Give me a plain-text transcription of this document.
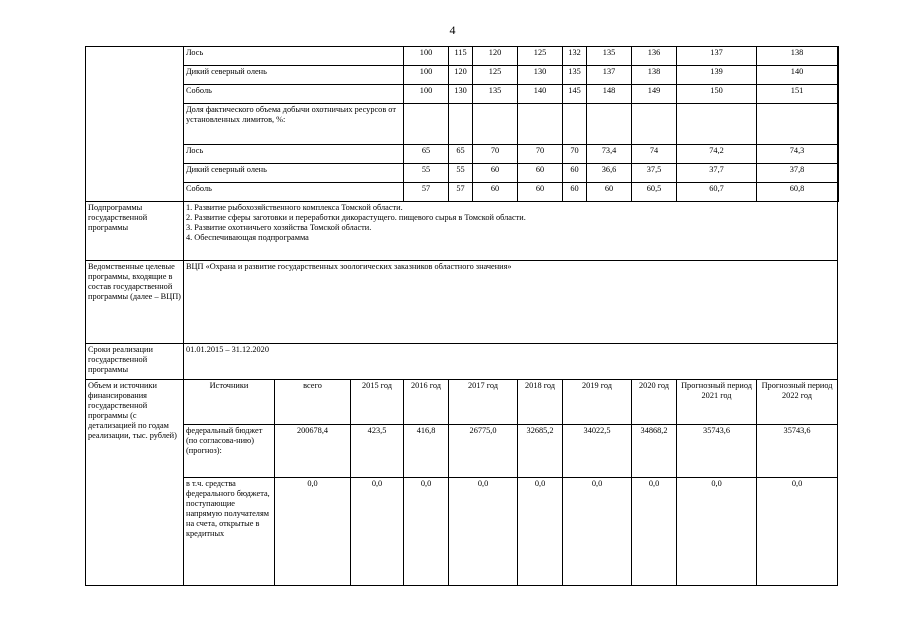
4
	Лось			100	115	120	125	132	135	136	137	138	
	Дикий северный олень			100	120	125	130	135	137	138	139	140	
	Соболь			100	130	135	140	145	148	149	150	151	
	Доля фактического объема добычи охотничьих ресурсов от установленных лимитов, %:												
	Лось			65	65	70	70	70	73,4	74	74,2	74,3	
	Дикий северный олень			55	55	60	60	60	36,6	37,5	37,7	37,8	
	Соболь			57	57	60	60	60	60	60,5	60,7	60,8	
Подпрограммы государственной программы	1. Развитие рыбохозяйственного комплекса Томской области.
2. Развитие сферы заготовки и переработки дикорастущего. пищевого сырья в Томской области.
3. Развитие охотничьего хозяйства Томской области.
4. Обеспечивающая подпрограмма												

Ведомственные целевые программы, входящие в состав государственной программы (далее – ВЦП)	ВЦП «Охрана и развитие государственных зоологических заказников областного значения»												
Сроки реализации государственной программы	01.01.2015 – 31.12.2020												
Объем и источники финансирования государственной программы (с детализацией по годам реализации, тыс. рублей)	Источники	всего	2015 год	2016 год	2017 год		2018 год	2019 год		2020 год	Прогнозный период 2021 год	Прогнозный период 2022 год	
	федеральный бюджет (по согласова-нию) (прогноз):	200678,4	423,5	416,8	26775,0		32685,2	34022,5		34868,2	35743,6	35743,6	
	в т.ч. средства федерального бюджета, поступающие напрямую получателям на счета, открытые в кредитных	0,0	0,0	0,0	0,0		0,0	0,0		0,0	0,0	0,0	
